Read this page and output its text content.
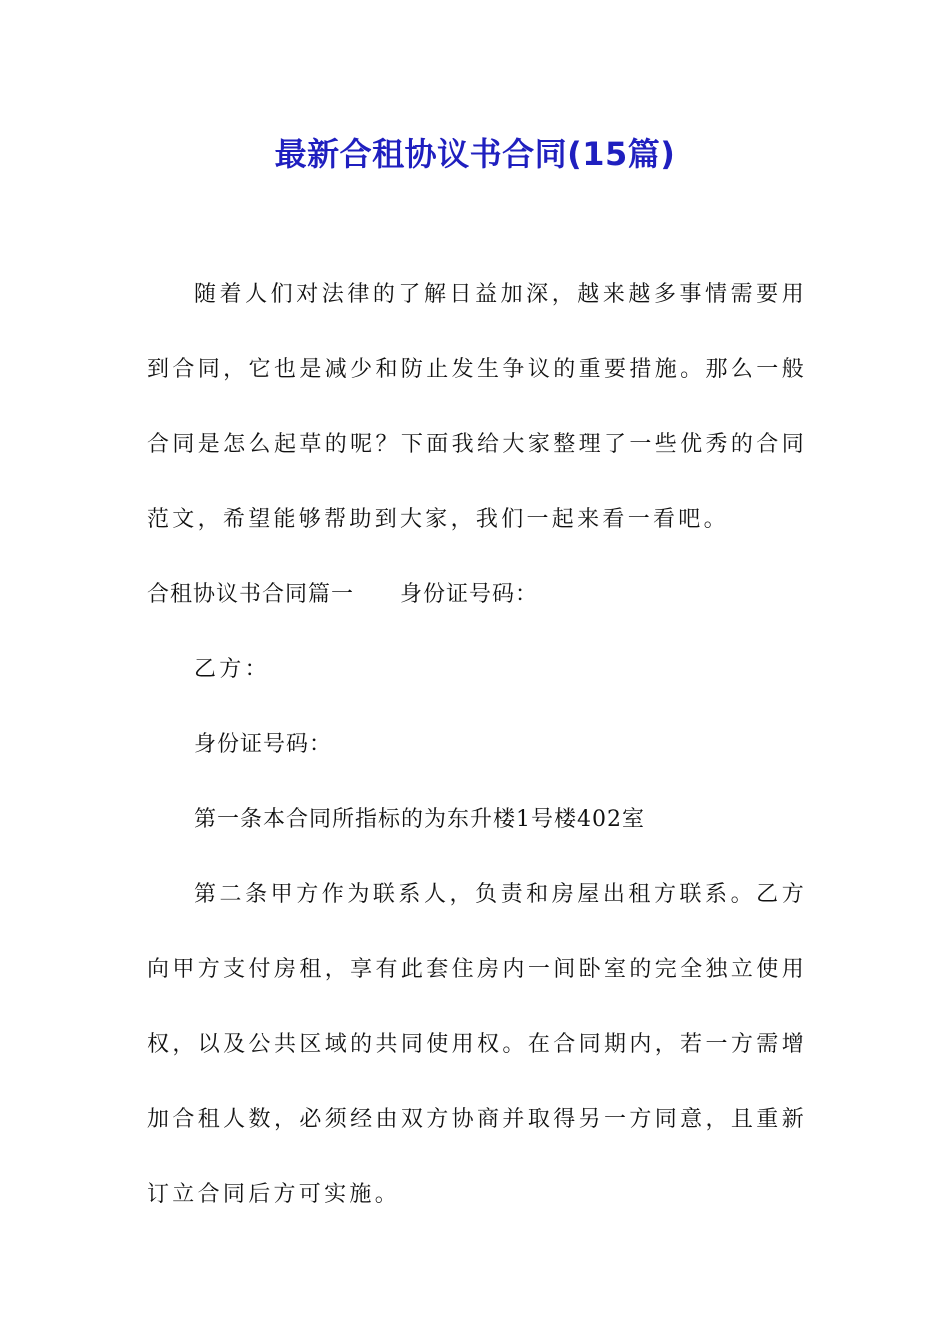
最新合租协议书合同(15篇)

随着人们对法律的了解日益加深，越来越多事情需要用到合同，它也是减少和防止发生争议的重要措施。那么一般合同是怎么起草的呢？下面我给大家整理了一些优秀的合同范文，希望能够帮助到大家，我们一起来看一看吧。

合租协议书合同篇一 身份证号码：

乙方：

身份证号码：

第一条本合同所指标的为东升楼1号楼402室

第二条甲方作为联系人，负责和房屋出租方联系。乙方向甲方支付房租，享有此套住房内一间卧室的完全独立使用权，以及公共区域的共同使用权。在合同期内，若一方需增加合租人数，必须经由双方协商并取得另一方同意，且重新订立合同后方可实施。
